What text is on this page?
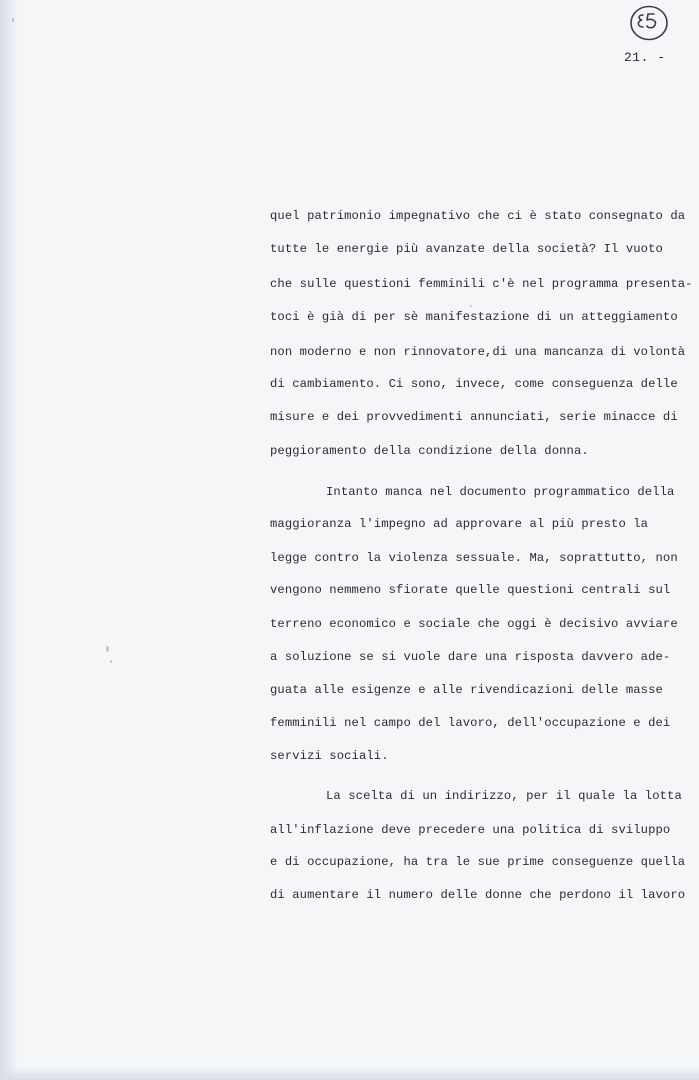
21. -
quel patrimonio impegnativo che ci è stato consegnato da
tutte le energie più avanzate della società? Il vuoto
che sulle questioni femminili c'è nel programma presenta-
toci è già di per sè manifestazione di un atteggiamento
non moderno e non rinnovatore,di una mancanza di volontà
di cambiamento. Ci sono, invece, come conseguenza delle
misure e dei provvedimenti annunciati, serie minacce di
peggioramento della condizione della donna.
Intanto manca nel documento programmatico della
maggioranza l'impegno ad approvare al più presto la
legge contro la violenza sessuale. Ma, soprattutto, non
vengono nemmeno sfiorate quelle questioni centrali sul
terreno economico e sociale che oggi è decisivo avviare
a soluzione se si vuole dare una risposta davvero ade-
guata alle esigenze e alle rivendicazioni delle masse
femminili nel campo del lavoro, dell'occupazione e dei
servizi sociali.
La scelta di un indirizzo, per il quale la lotta
all'inflazione deve precedere una politica di sviluppo
e di occupazione, ha tra le sue prime conseguenze quella
di aumentare il numero delle donne che perdono il lavoro
